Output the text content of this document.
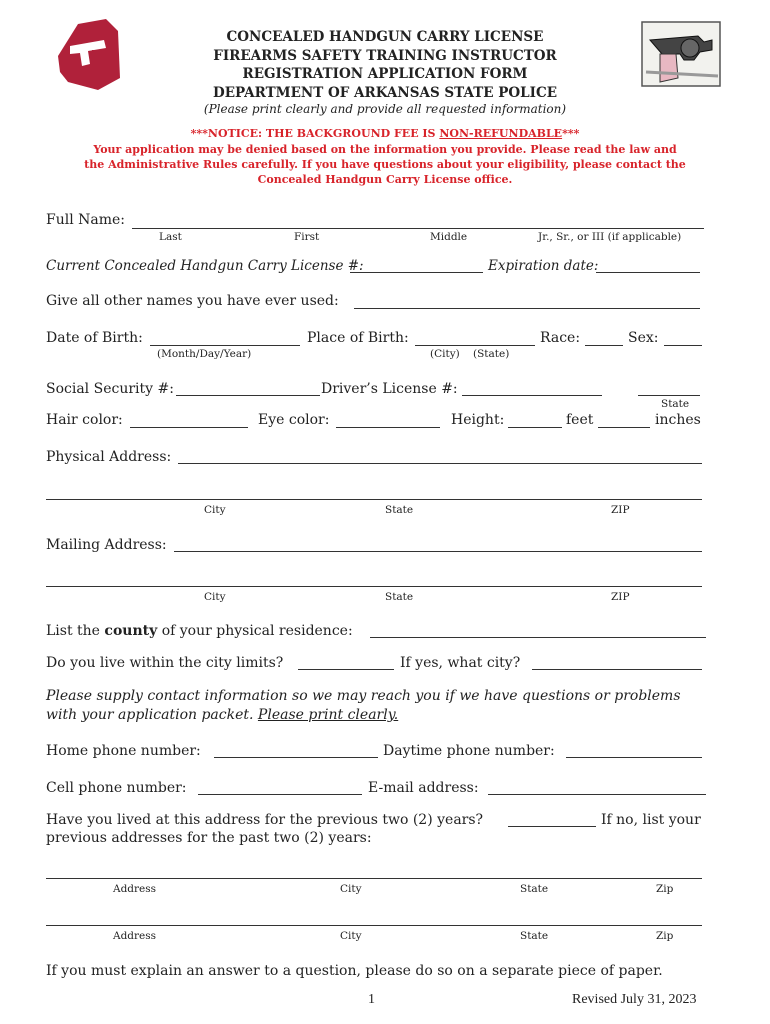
CONCEALED HANDGUN CARRY LICENSE
FIREARMS SAFETY TRAINING INSTRUCTOR
REGISTRATION APPLICATION FORM
DEPARTMENT OF ARKANSAS STATE POLICE
(Please print clearly and provide all requested information)
***NOTICE: THE BACKGROUND FEE IS NON-REFUNDABLE***
Your application may be denied based on the information you provide. Please read the law and
the Administrative Rules carefully. If you have questions about your eligibility, please contact the
Concealed Handgun Carry License office.
Full Name:
Last	First	Middle	Jr., Sr., or III (if applicable)
Current Concealed Handgun Carry License #:	Expiration date:
Give all other names you have ever used:
Date of Birth:	Place of Birth:	Race:	Sex:
(Month/Day/Year)	(City) (State)
Social Security #:	Driver’s License #:
State
Hair color:	Eye color:	Height:	feet	inches
Physical Address:
City	State	ZIP
Mailing Address:
City	State	ZIP
List the county of your physical residence:
Do you live within the city limits?	If yes, what city?
Please supply contact information so we may reach you if we have questions or problems
with your application packet. Please print clearly.
Home phone number:	Daytime phone number:
Cell phone number:	E-mail address:
Have you lived at this address for the previous two (2) years?	If no, list your
previous addresses for the past two (2) years:
Address	City	State	Zip
Address	City	State	Zip
If you must explain an answer to a question, please do so on a separate piece of paper.
1	Revised July 31, 2023
